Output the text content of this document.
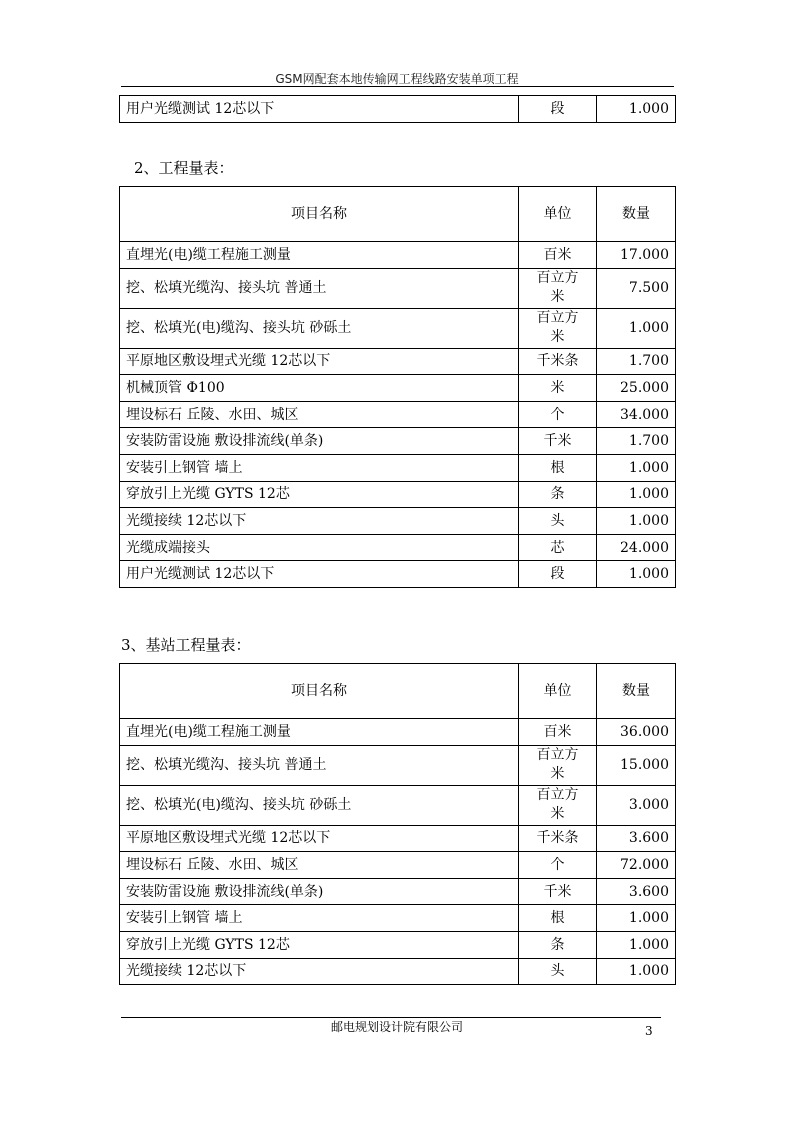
GSM网配套本地传输网工程线路安装单项工程
用户光缆测试 12芯以下	段	1.000
2、工程量表：
项目名称	单位	数量
直埋光(电)缆工程施工测量	百米	17.000
挖、松填光缆沟、接头坑 普通土	百立方米	7.500
挖、松填光(电)缆沟、接头坑 砂砾土	百立方米	1.000
平原地区敷设埋式光缆 12芯以下	千米条	1.700
机械顶管 Φ100	米	25.000
埋设标石 丘陵、水田、城区	个	34.000
安装防雷设施 敷设排流线(单条)	千米	1.700
安装引上钢管 墙上	根	1.000
穿放引上光缆 GYTS 12芯	条	1.000
光缆接续 12芯以下	头	1.000
光缆成端接头	芯	24.000
用户光缆测试 12芯以下	段	1.000
3、基站工程量表：
项目名称	单位	数量
直埋光(电)缆工程施工测量	百米	36.000
挖、松填光缆沟、接头坑 普通土	百立方米	15.000
挖、松填光(电)缆沟、接头坑 砂砾土	百立方米	3.000
平原地区敷设埋式光缆 12芯以下	千米条	3.600
埋设标石 丘陵、水田、城区	个	72.000
安装防雷设施 敷设排流线(单条)	千米	3.600
安装引上钢管 墙上	根	1.000
穿放引上光缆 GYTS 12芯	条	1.000
光缆接续 12芯以下	头	1.000
邮电规划设计院有限公司	3
